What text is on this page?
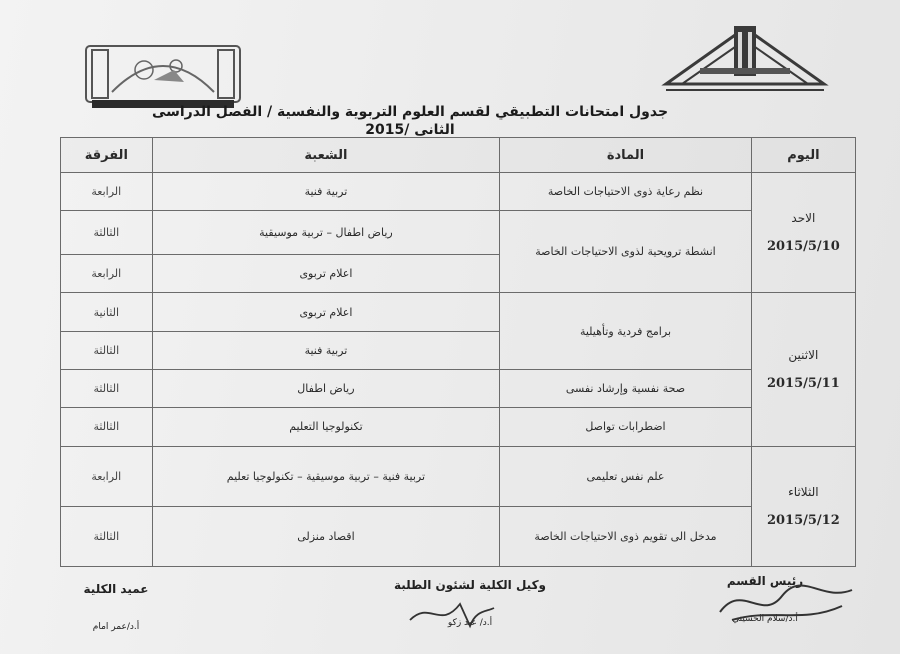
جدول امتحانات التطبيقي لقسم العلوم التربوية والنفسية / الفصل الدراسى الثانى /2015
اليوم	المادة	الشعبة	الفرقة

الاحد
2015/5/10	نظم رعاية ذوى الاحتياجات الخاصة	تربية فنية	الرابعة
	انشطة ترويحية لذوى الاحتياجات الخاصة	رياض اطفال – تربية موسيقية	الثالثة
		اعلام تربوى	الرابعة

الاثنين
2015/5/11	برامج فردية وتأهيلية	اعلام تربوى	الثانية
		تربية فنية	الثالثة
	صحة نفسية وإرشاد نفسى	رياض اطفال	الثالثة
	اضطرابات تواصل	تكنولوجيا التعليم	الثالثة

الثلاثاء
2015/5/12	علم نفس تعليمى	تربية فنية – تربية موسيقية – تكنولوجيا تعليم	الرابعة
	مدخل الى تقويم ذوى الاحتياجات الخاصة	اقصاد منزلى	الثالثة
رئيس القسم
أ.د/سلام الحسيني
وكيل الكلية لشئون الطلبة
أ.د/ عيد زكو
عميد الكلية
أ.د/عمر امام
